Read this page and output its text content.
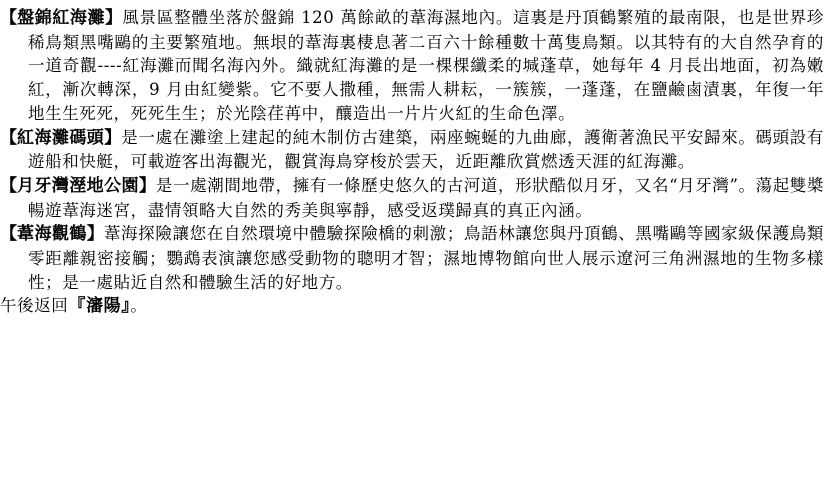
【盤錦紅海灘】風景區整體坐落於盤錦 120 萬餘畝的葦海濕地內。這裏是丹頂鶴繁殖的最南限，也是世界珍稀鳥類黑嘴鷗的主要繁殖地。無垠的葦海裏棲息著二百六十餘種數十萬隻鳥類。以其特有的大自然孕育的一道奇觀----紅海灘而聞名海內外。織就紅海灘的是一棵棵纖柔的堿蓬草，她每年 4 月長出地面，初為嫩紅，漸次轉深，9 月由紅變紫。它不要人撒種，無需人耕耘，一簇簇，一蓬蓬，在鹽鹼鹵漬裏，年復一年地生生死死，死死生生；於光陰荏苒中，釀造出一片片火紅的生命色澤。

【紅海灘碼頭】是一處在灘塗上建起的純木制仿古建築，兩座蜿蜒的九曲廊，護衛著漁民平安歸來。碼頭設有遊船和快艇，可載遊客出海觀光，觀賞海鳥穿梭於雲天，近距離欣賞燃透天涯的紅海灘。

【月牙灣溼地公園】是一處潮間地帶，擁有一條歷史悠久的古河道，形狀酷似月牙，又名“月牙灣”。蕩起雙槳暢遊葦海迷宮，盡情領略大自然的秀美與寧靜，感受返璞歸真的真正內涵。

【葦海觀鶴】葦海探險讓您在自然環境中體驗探險橋的刺激；鳥語林讓您與丹頂鶴、黑嘴鷗等國家級保護鳥類零距離親密接觸；鸚鵡表演讓您感受動物的聰明才智；濕地博物館向世人展示遼河三角洲濕地的生物多樣性；是一處貼近自然和體驗生活的好地方。

午後返回『瀋陽』。
